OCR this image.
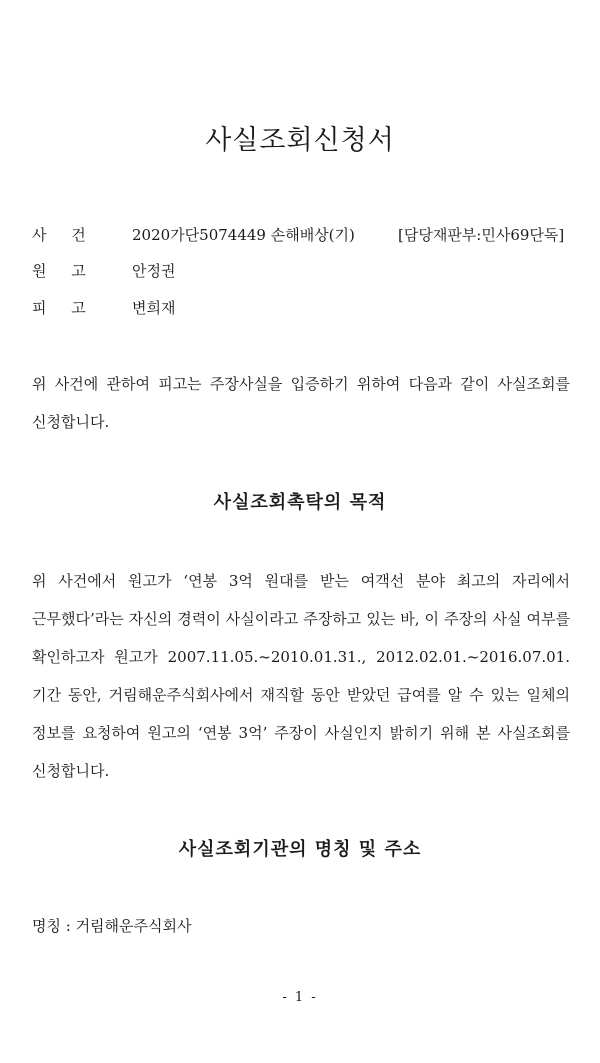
사실조회신청서
사 건 2020가단5074449 손해배상(기)	[담당재판부:민사69단독]
원 고 안정권
피 고 변희재
위 사건에 관하여 피고는 주장사실을 입증하기 위하여 다음과 같이 사실조회를 신청합니다.
사실조회촉탁의 목적
위 사건에서 원고가 ‘연봉 3억 원대를 받는 여객선 분야 최고의 자리에서 근무했다’라는 자신의 경력이 사실이라고 주장하고 있는 바, 이 주장의 사실 여부를 확인하고자 원고가 2007.11.05.~2010.01.31., 2012.02.01.~2016.07.01. 기간 동안, 거림해운주식회사에서 재직할 동안 받았던 급여를 알 수 있는 일체의 정보를 요청하여 원고의 ‘연봉 3억’ 주장이 사실인지 밝히기 위해 본 사실조회를 신청합니다.
사실조회기관의 명칭 및 주소
명칭 : 거림해운주식회사
- 1 -
